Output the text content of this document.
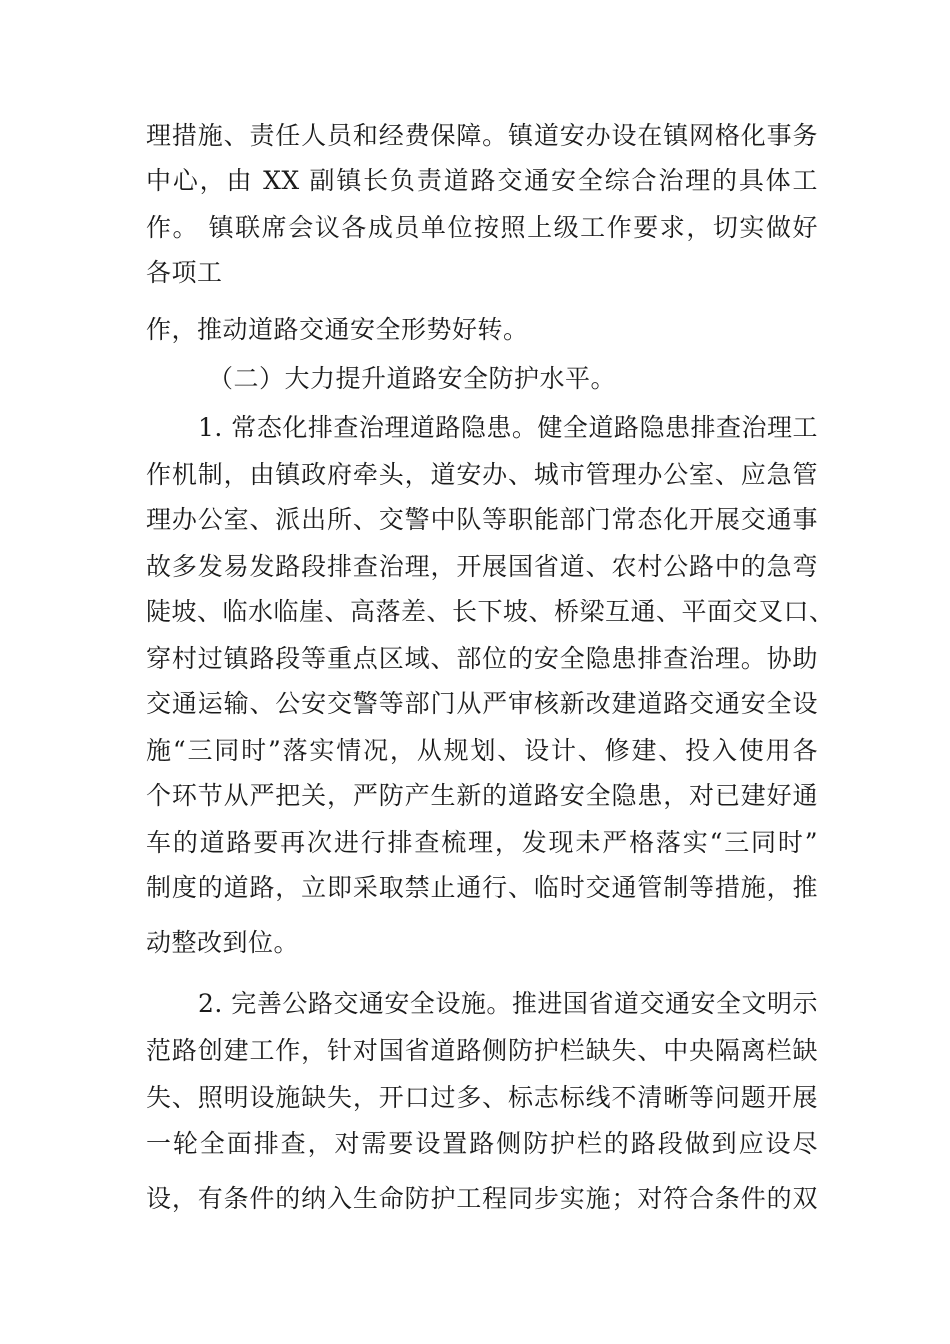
理措施、责任人员和经费保障。镇道安办设在镇网格化事务
中心，由 XX 副镇长负责道路交通安全综合治理的具体工
作。 镇联席会议各成员单位按照上级工作要求，切实做好
各项工
作，推动道路交通安全形势好转。
（二）大力提升道路安全防护水平。
1. 常态化排查治理道路隐患。健全道路隐患排查治理工
作机制，由镇政府牵头，道安办、城市管理办公室、应急管
理办公室、派出所、交警中队等职能部门常态化开展交通事
故多发易发路段排查治理，开展国省道、农村公路中的急弯
陡坡、临水临崖、高落差、长下坡、桥梁互通、平面交叉口、
穿村过镇路段等重点区域、部位的安全隐患排查治理。协助
交通运输、公安交警等部门从严审核新改建道路交通安全设
施“三同时”落实情况，从规划、设计、修建、投入使用各
个环节从严把关，严防产生新的道路安全隐患，对已建好通
车的道路要再次进行排查梳理，发现未严格落实“三同时”
制度的道路，立即采取禁止通行、临时交通管制等措施，推
动整改到位。
2. 完善公路交通安全设施。推进国省道交通安全文明示
范路创建工作，针对国省道路侧防护栏缺失、中央隔离栏缺
失、照明设施缺失，开口过多、标志标线不清晰等问题开展
一轮全面排查，对需要设置路侧防护栏的路段做到应设尽
设，有条件的纳入生命防护工程同步实施；对符合条件的双
